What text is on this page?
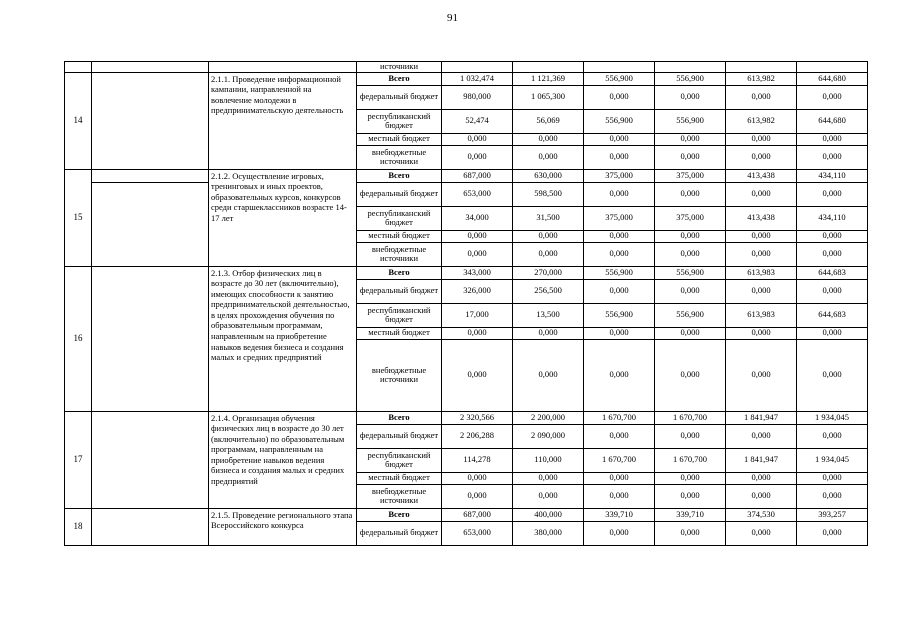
91
			источники						
14		2.1.1. Проведение информационной кампании, направленной на вовлечение молодежи в предпринимательскую деятельность	Всего	1 032,474	1 121,369	556,900	556,900	613,982	644,680
			федеральный бюджет	980,000	1 065,300	0,000	0,000	0,000	0,000
			республиканский бюджет	52,474	56,069	556,900	556,900	613,982	644,680
			местный бюджет	0,000	0,000	0,000	0,000	0,000	0,000
			внебюджетные источники	0,000	0,000	0,000	0,000	0,000	0,000
15		2.1.2. Осуществление игровых, тренинговых и иных проектов, образовательных курсов, конкурсов среди старшеклассников возрасте 14-17 лет	Всего	687,000	630,000	375,000	375,000	413,438	434,110
			федеральный бюджет	653,000	598,500	0,000	0,000	0,000	0,000
			республиканский бюджет	34,000	31,500	375,000	375,000	413,438	434,110
			местный бюджет	0,000	0,000	0,000	0,000	0,000	0,000
			внебюджетные источники	0,000	0,000	0,000	0,000	0,000	0,000
16		2.1.3. Отбор физических лиц в возрасте до 30 лет (включительно), имеющих способности к занятию предпринимательской деятельностью, в целях прохождения обучения по образовательным программам, направленным на приобретение навыков ведения бизнеса и создания малых и средних предприятий	Всего	343,000	270,000	556,900	556,900	613,983	644,683
			федеральный бюджет	326,000	256,500	0,000	0,000	0,000	0,000
			республиканский бюджет	17,000	13,500	556,900	556,900	613,983	644,683
			местный бюджет	0,000	0,000	0,000	0,000	0,000	0,000
			внебюджетные источники	0,000	0,000	0,000	0,000	0,000	0,000
17		2.1.4. Организация обучения физических лиц в возрасте до 30 лет (включительно) по образовательным программам, направленным на приобретение навыков ведения бизнеса и создания малых и средних предприятий	Всего	2 320,566	2 200,000	1 670,700	1 670,700	1 841,947	1 934,045
			федеральный бюджет	2 206,288	2 090,000	0,000	0,000	0,000	0,000
			республиканский бюджет	114,278	110,000	1 670,700	1 670,700	1 841,947	1 934,045
			местный бюджет	0,000	0,000	0,000	0,000	0,000	0,000
			внебюджетные источники	0,000	0,000	0,000	0,000	0,000	0,000
18		2.1.5. Проведение регионального этапа Всероссийского конкурса	Всего	687,000	400,000	339,710	339,710	374,530	393,257
			федеральный бюджет	653,000	380,000	0,000	0,000	0,000	0,000
